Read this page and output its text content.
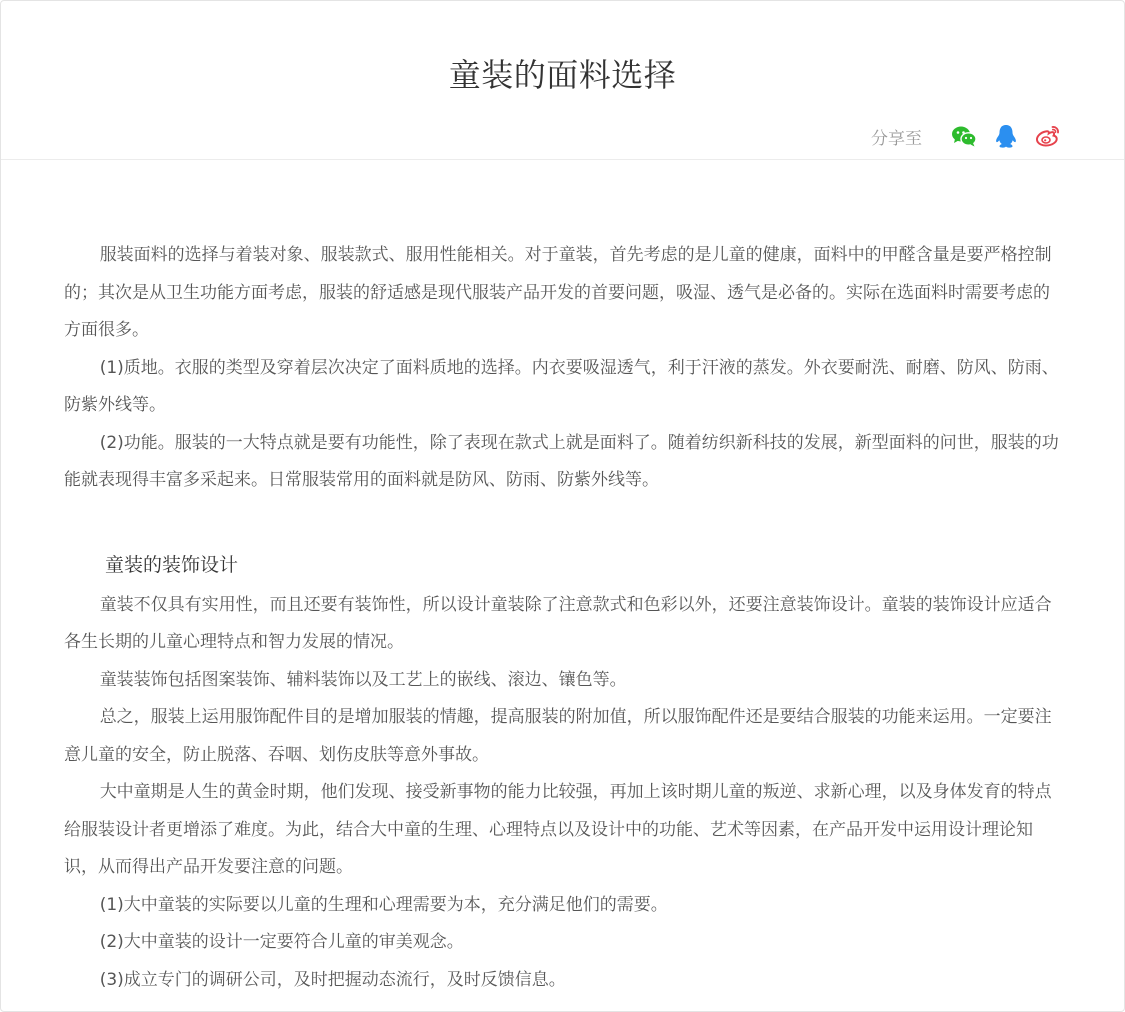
童装的面料选择
分享至

服装面料的选择与着装对象、服装款式、服用性能相关。对于童装，首先考虑的是儿童的健康，面料中的甲醛含量是要严格控制的；其次是从卫生功能方面考虑，服装的舒适感是现代服装产品开发的首要问题，吸湿、透气是必备的。实际在选面料时需要考虑的方面很多。

(1)质地。衣服的类型及穿着层次决定了面料质地的选择。内衣要吸湿透气，利于汗液的蒸发。外衣要耐洗、耐磨、防风、防雨、防紫外线等。

(2)功能。服装的一大特点就是要有功能性，除了表现在款式上就是面料了。随着纺织新科技的发展，新型面料的问世，服装的功能就表现得丰富多采起来。日常服装常用的面料就是防风、防雨、防紫外线等。

童装的装饰设计

童装不仅具有实用性，而且还要有装饰性，所以设计童装除了注意款式和色彩以外，还要注意装饰设计。童装的装饰设计应适合各生长期的儿童心理特点和智力发展的情况。

童装装饰包括图案装饰、辅料装饰以及工艺上的嵌线、滚边、镶色等。

总之，服装上运用服饰配件目的是增加服装的情趣，提高服装的附加值，所以服饰配件还是要结合服装的功能来运用。一定要注意儿童的安全，防止脱落、吞咽、划伤皮肤等意外事故。

大中童期是人生的黄金时期，他们发现、接受新事物的能力比较强，再加上该时期儿童的叛逆、求新心理，以及身体发育的特点给服装设计者更增添了难度。为此，结合大中童的生理、心理特点以及设计中的功能、艺术等因素，在产品开发中运用设计理论知识，从而得出产品开发要注意的问题。

(1)大中童装的实际要以儿童的生理和心理需要为本，充分满足他们的需要。

(2)大中童装的设计一定要符合儿童的审美观念。

(3)成立专门的调研公司，及时把握动态流行，及时反馈信息。
